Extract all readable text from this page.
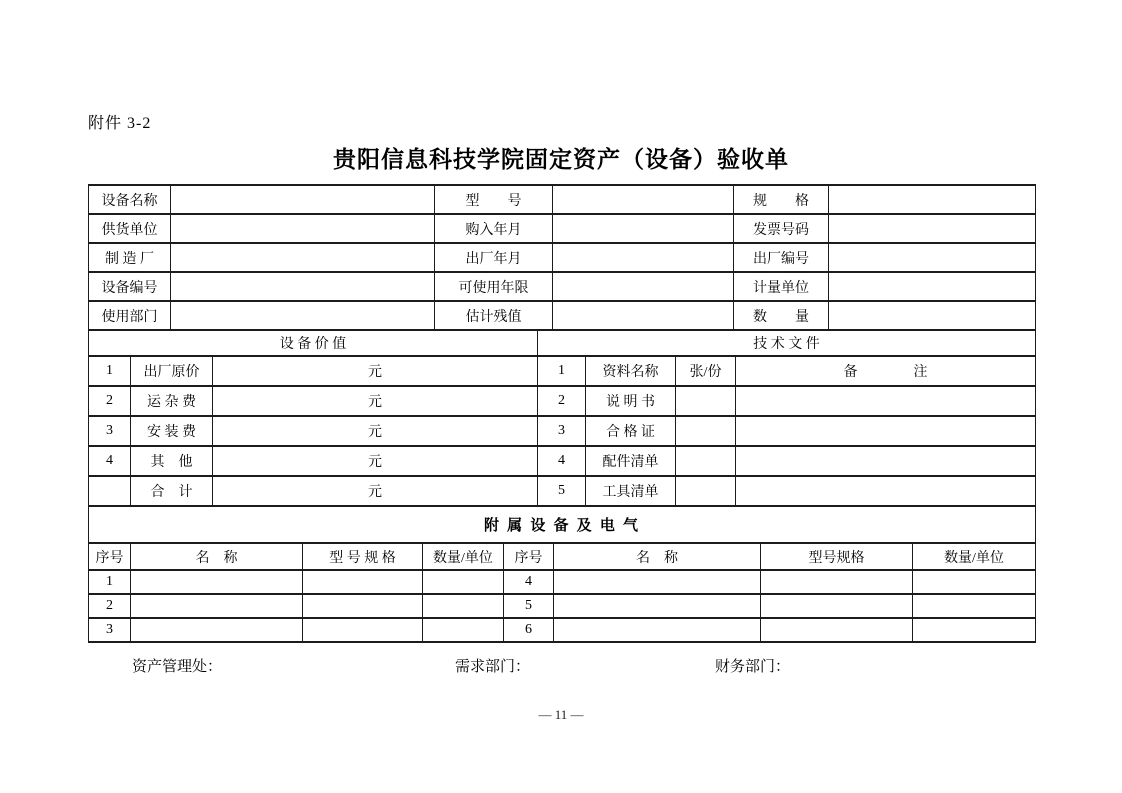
附件 3-2
贵阳信息科技学院固定资产（设备）验收单
设备名称		型　　号		规　　格	
供货单位		购入年月		发票号码	
制 造 厂		出厂年月		出厂编号	
设备编号		可使用年限		计量单位	
使用部门		估计残值		数　　量	
设 备 价 值			技 术 文 件			
1	出厂原价	元	1	资料名称	张/份	备　　　　注
2	运 杂 费	元	2	说 明 书		
3	安 装 费	元	3	合 格 证		
4	其　他	元	4	配件清单		
	合　计	元	5	工具清单		
附 属 设 备 及 电 气							
序号	名　称	型 号 规 格	数量/单位	序号	名　称	型号规格	数量/单位
1				4			
2				5			
3				6			
资产管理处：	需求部门：	财务部门：
— 11 —
